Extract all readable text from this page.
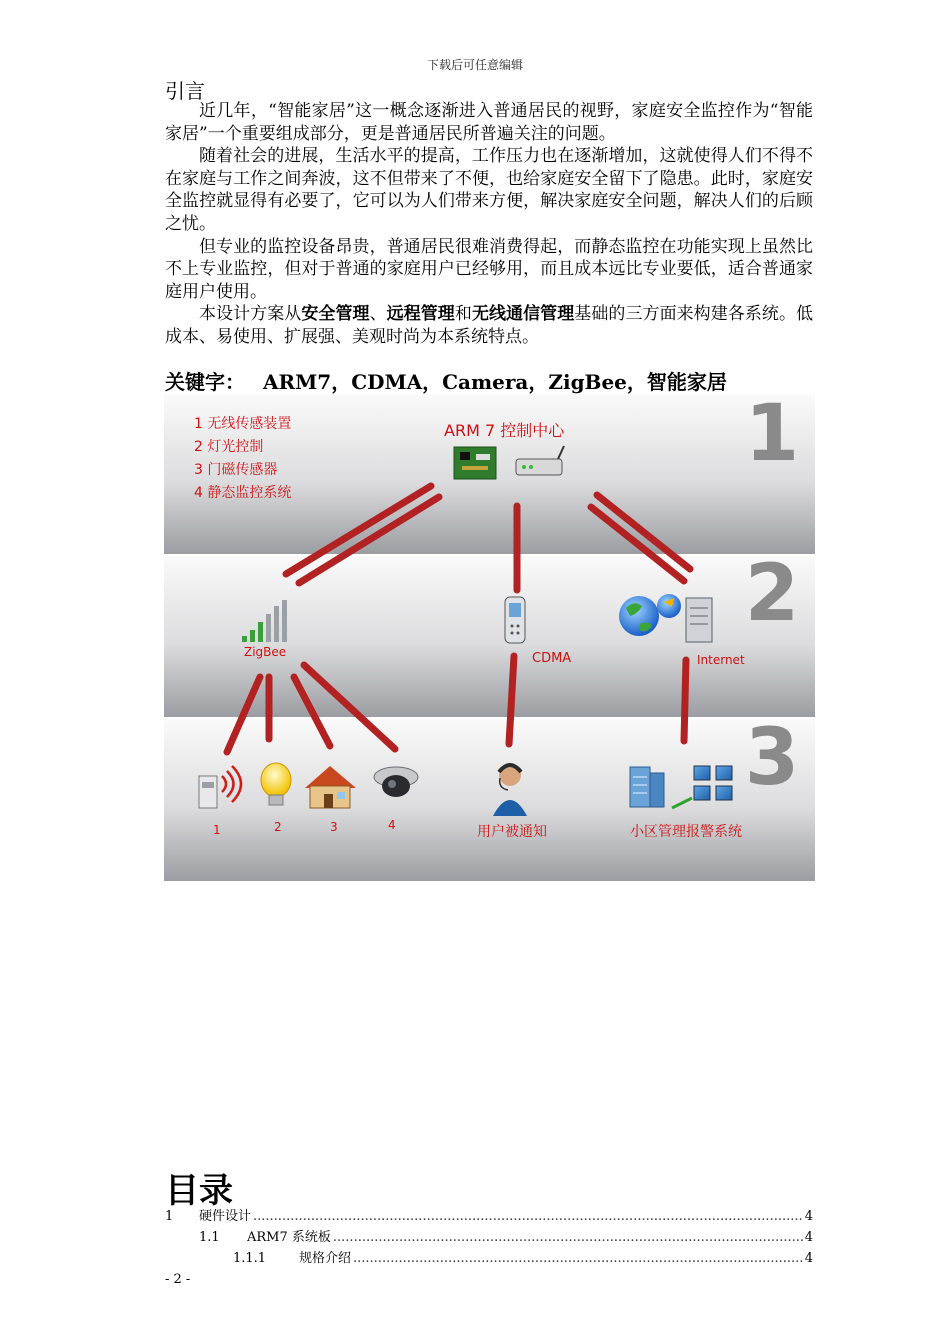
下载后可任意编辑
引言

近几年，“智能家居”这一概念逐渐进入普通居民的视野，家庭安全监控作为“智能家居”一个重要组成部分，更是普通居民所普遍关注的问题。

随着社会的进展，生活水平的提高，工作压力也在逐渐增加，这就使得人们不得不在家庭与工作之间奔波，这不但带来了不便，也给家庭安全留下了隐患。此时，家庭安全监控就显得有必要了，它可以为人们带来方便，解决家庭安全问题，解决人们的后顾之忧。

但专业的监控设备昂贵，普通居民很难消费得起，而静态监控在功能实现上虽然比不上专业监控，但对于普通的家庭用户已经够用，而且成本远比专业要低，适合普通家庭用户使用。

本设计方案从安全管理、远程管理和无线通信管理基础的三方面来构建各系统。低成本、易使用、扩展强、美观时尚为本系统特点。

关键字： ARM7，CDMA，Camera，ZigBee，智能家居
1
2
3
1 无线传感装置
2 灯光控制
3 门磁传感器
4 静态监控系统
ARM 7 控制中心
ZigBee	CDMA	Internet
1	2	3	4	用户被通知	小区管理报警系统
目录
1	硬件设计 .....	4
1.1	ARM7 系统板 .....	4
1.1.1	规格介绍 .....	4
- 2 -
